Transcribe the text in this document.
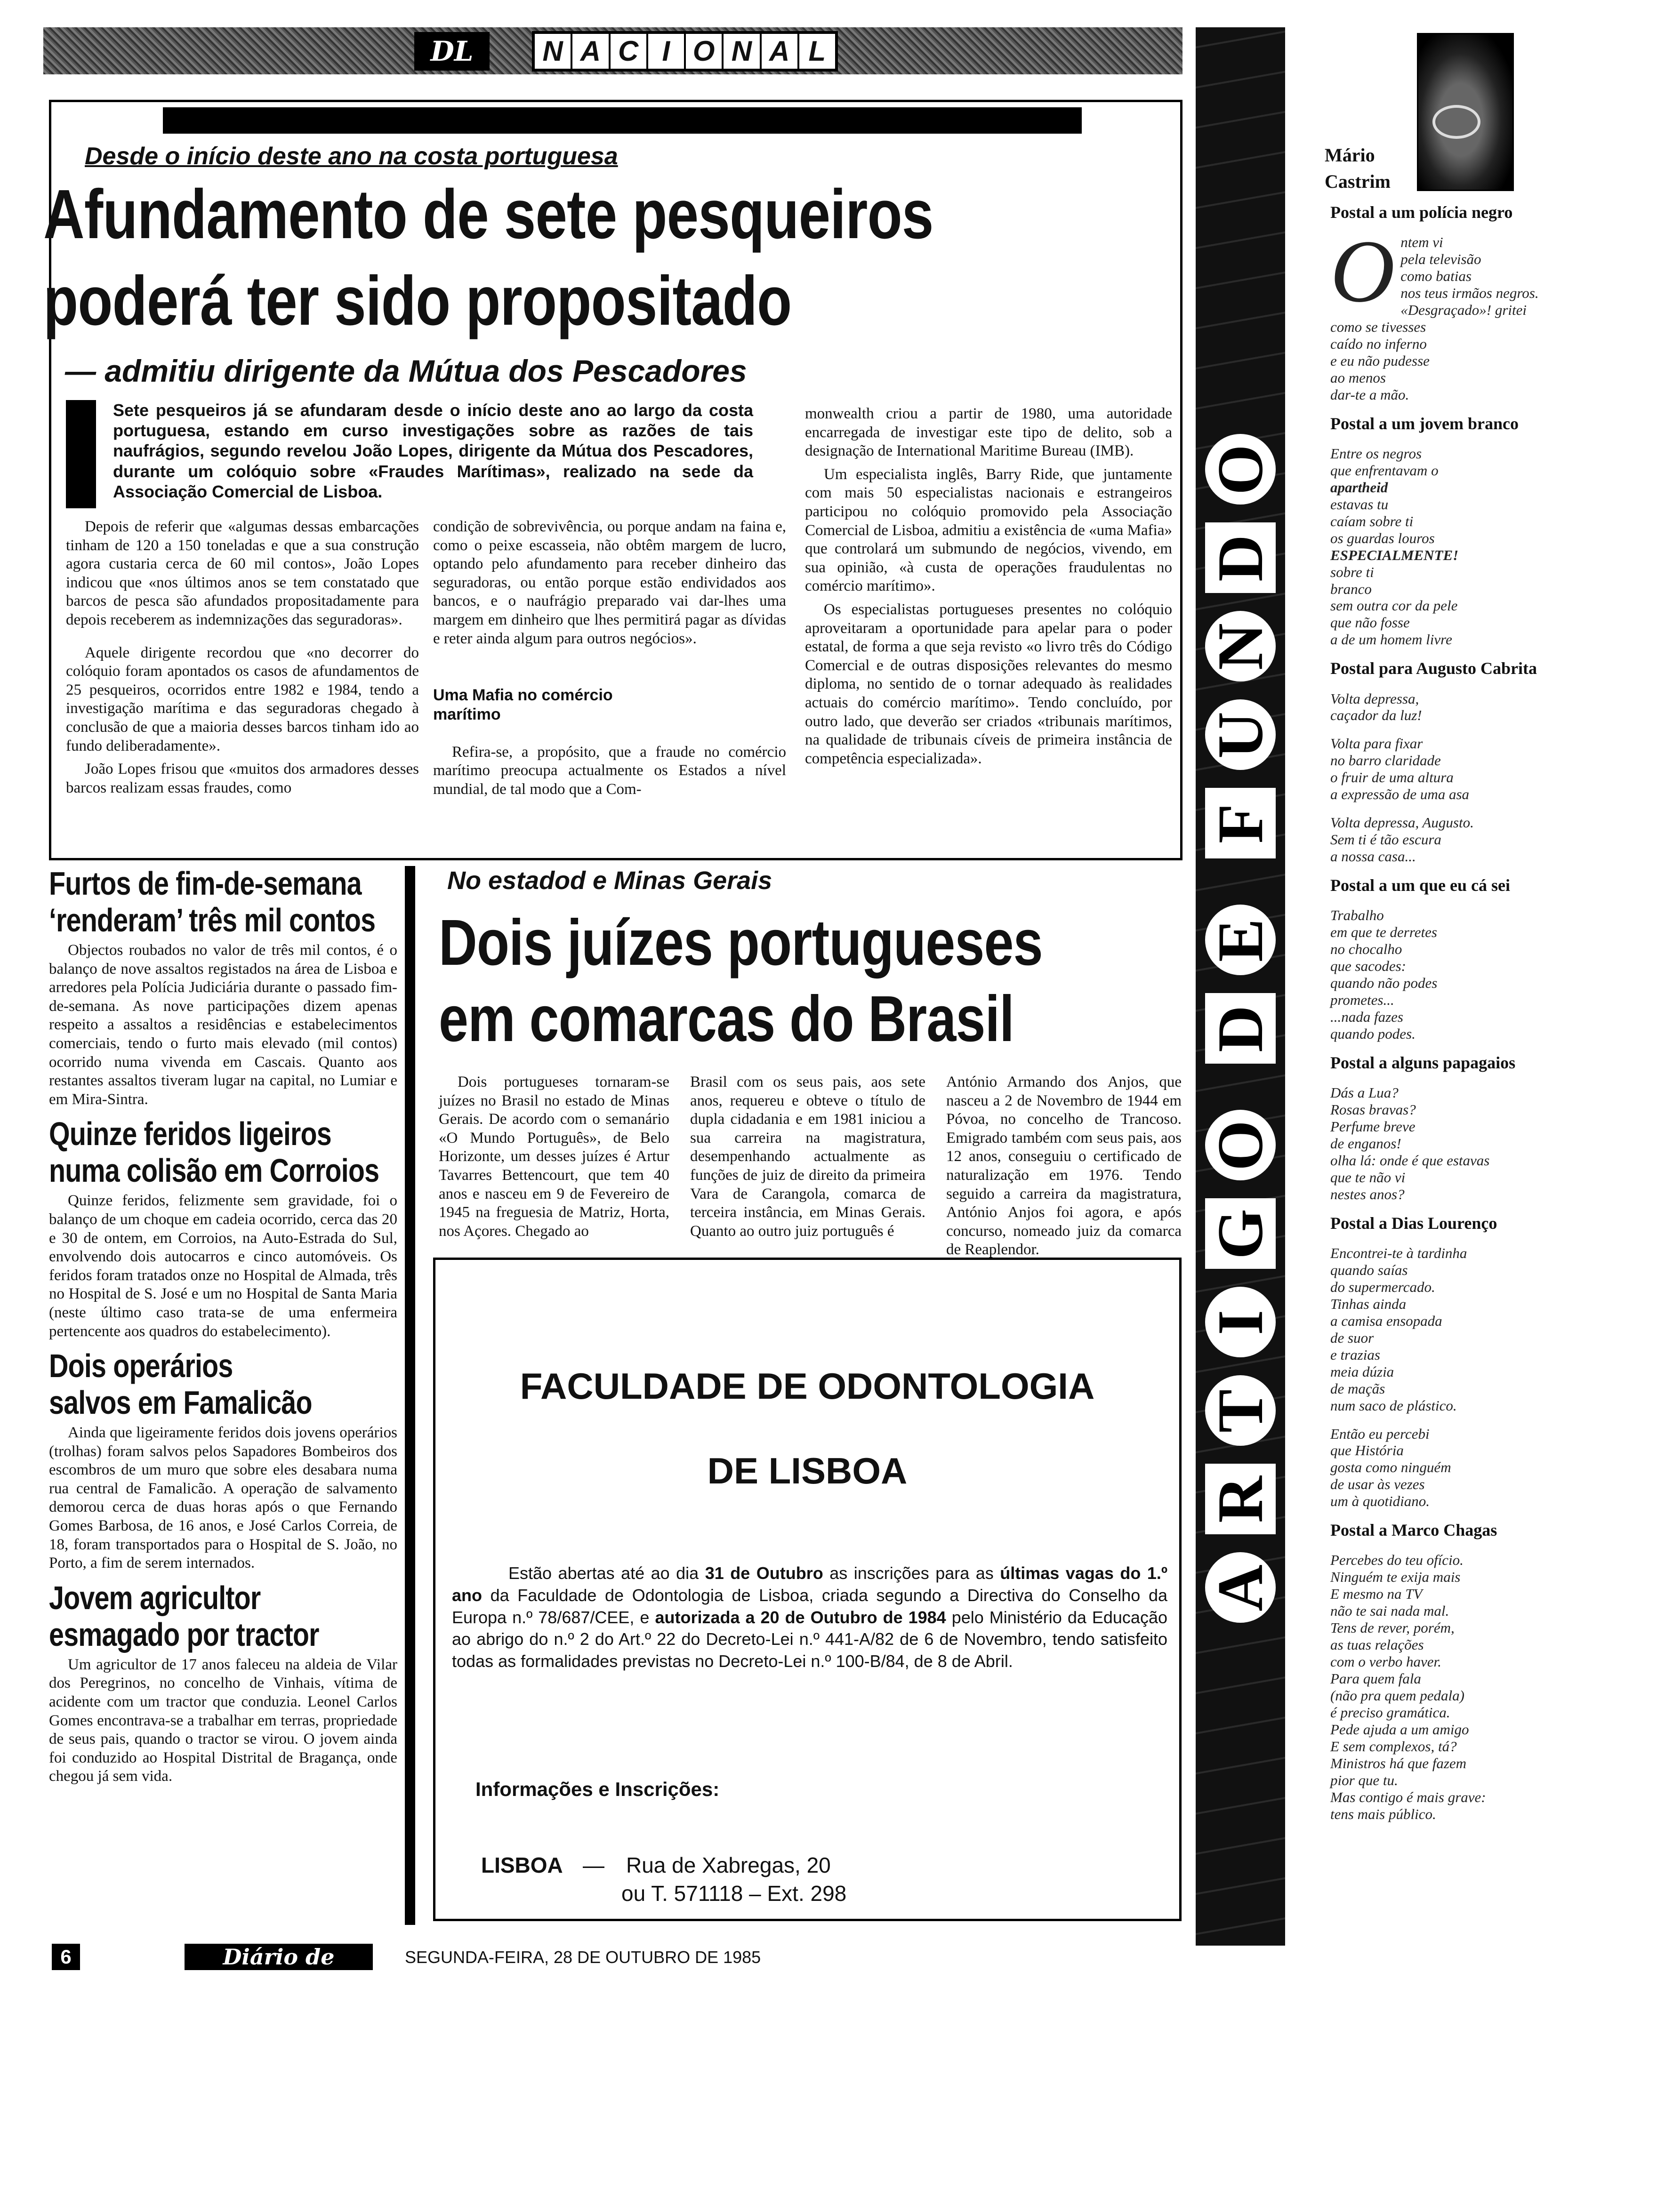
DL	N A C I O N A L
Desde o início deste ano na costa portuguesa
Afundamento de sete pesqueiros
poderá ter sido propositado
— admitiu dirigente da Mútua dos Pescadores
Sete pesqueiros já se afundaram desde o início deste ano ao largo da costa portuguesa, estando em curso investigações sobre as razões de tais naufrágios, segundo revelou João Lopes, dirigente da Mútua dos Pescadores, durante um colóquio sobre «Fraudes Marítimas», realizado na sede da Associação Comercial de Lisboa.

Depois de referir que «algumas dessas embarcações tinham de 120 a 150 toneladas e que a sua construção agora custaria cerca de 60 mil contos», João Lopes indicou que «nos últimos anos se tem constatado que barcos de pesca são afundados propositadamente para depois receberem as indemnizações das seguradoras».

Aquele dirigente recordou que «no decorrer do colóquio foram apontados os casos de afundamentos de 25 pesqueiros, ocorridos entre 1982 e 1984, tendo a investigação marítima e das seguradoras chegado à conclusão de que a maioria desses barcos tinham ido ao fundo deliberadamente».

João Lopes frisou que «muitos dos armadores desses barcos realizam essas fraudes, como

condição de sobrevivência, ou porque andam na faina e, como o peixe escasseia, não obtêm margem de lucro, optando pelo afundamento para receber dinheiro das seguradoras, ou então porque estão endividados aos bancos, e o naufrágio preparado vai dar-lhes uma margem em dinheiro que lhes permitirá pagar as dívidas e reter ainda algum para outros negócios».

Uma Mafia no comércio marítimo

Refira-se, a propósito, que a fraude no comércio marítimo preocupa actualmente os Estados a nível mundial, de tal modo que a Com-

monwealth criou a partir de 1980, uma autoridade encarregada de investigar este tipo de delito, sob a designação de International Maritime Bureau (IMB).

Um especialista inglês, Barry Ride, que juntamente com mais 50 especialistas nacionais e estrangeiros participou no colóquio promovido pela Associação Comercial de Lisboa, admitiu a existência de «uma Mafia» que controlará um submundo de negócios, vivendo, em sua opinião, «à custa de operações fraudulentas no comércio marítimo».

Os especialistas portugueses presentes no colóquio aproveitaram a oportunidade para apelar para o poder estatal, de forma a que seja revisto «o livro três do Código Comercial e de outras disposições relevantes do mesmo diploma, no sentido de o tornar adequado às realidades actuais do comércio marítimo». Tendo concluído, por outro lado, que deverão ser criados «tribunais marítimos, na qualidade de tribunais cíveis de primeira instância de competência especializada».

Furtos de fim-de-semana
‘renderam’ três mil contos

Objectos roubados no valor de três mil contos, é o balanço de nove assaltos registados na área de Lisboa e arredores pela Polícia Judiciária durante o passado fim-de-semana. As nove participações dizem apenas respeito a assaltos a residências e estabelecimentos comerciais, tendo o furto mais elevado (mil contos) ocorrido numa vivenda em Cascais. Quanto aos restantes assaltos tiveram lugar na capital, no Lumiar e em Mira-Sintra.

Quinze feridos ligeiros
numa colisão em Corroios

Quinze feridos, felizmente sem gravidade, foi o balanço de um choque em cadeia ocorrido, cerca das 20 e 30 de ontem, em Corroios, na Auto-Estrada do Sul, envolvendo dois autocarros e cinco automóveis. Os feridos foram tratados onze no Hospital de Almada, três no Hospital de S. José e um no Hospital de Santa Maria (neste último caso trata-se de uma enfermeira pertencente aos quadros do estabelecimento).

Dois operários
salvos em Famalicão

Ainda que ligeiramente feridos dois jovens operários (trolhas) foram salvos pelos Sapadores Bombeiros dos escombros de um muro que sobre eles desabara numa rua central de Famalicão. A operação de salvamento demorou cerca de duas horas após o que Fernando Gomes Barbosa, de 16 anos, e José Carlos Correia, de 18, foram transportados para o Hospital de S. João, no Porto, a fim de serem internados.

Jovem agricultor
esmagado por tractor

Um agricultor de 17 anos faleceu na aldeia de Vilar dos Peregrinos, no concelho de Vinhais, vítima de acidente com um tractor que conduzia. Leonel Carlos Gomes encontrava-se a trabalhar em terras, propriedade de seus pais, quando o tractor se virou. O jovem ainda foi conduzido ao Hospital Distrital de Bragança, onde chegou já sem vida.

No estadod e Minas Gerais
Dois juízes portugueses
em comarcas do Brasil
Dois portugueses tornaram-se juízes no Brasil no estado de Minas Gerais. De acordo com o semanário «O Mundo Português», de Belo Horizonte, um desses juízes é Artur Tavarres Bettencourt, que tem 40 anos e nasceu em 9 de Fevereiro de 1945 na freguesia de Matriz, Horta, nos Açores. Chegado ao
Brasil com os seus pais, aos sete anos, requereu e obteve o título de dupla cidadania e em 1981 iniciou a sua carreira na magistratura, desempenhando actualmente as funções de juiz de direito da primeira Vara de Carangola, comarca de terceira instância, em Minas Gerais. Quanto ao outro juiz português é
António Armando dos Anjos, que nasceu a 2 de Novembro de 1944 em Póvoa, no concelho de Trancoso. Emigrado também com seus pais, aos 12 anos, conseguiu o certificado de naturalização em 1976. Tendo seguido a carreira da magistratura, António Anjos foi agora, e após concurso, nomeado juiz da comarca de Reaplendor.
FACULDADE DE ODONTOLOGIA
DE LISBOA
Estão abertas até ao dia 31 de Outubro as inscrições para as últimas vagas do 1.º ano da Faculdade de Odontologia de Lisboa, criada segundo a Directiva do Conselho da Europa n.º 78/687/CEE, e autorizada a 20 de Outubro de 1984 pelo Ministério da Educação ao abrigo do n.º 2 do Art.º 22 do Decreto-Lei n.º 441-A/82 de 6 de Novembro, tendo satisfeito todas as formalidades previstas no Decreto-Lei n.º 100-B/84, de 8 de Abril.
Informações e Inscrições:
LISBOA — Rua de Xabregas, 20
ou T. 571118 – Ext. 298
A
R
T
I
G
O
D
E
F
U
N
D
O
Mário
Castrim
Postal a um polícia negro
O ntem vi
pela televisão
como batias
nos teus irmãos negros.
«Desgraçado»! gritei
como se tivesses
caído no inferno
e eu não pudesse
ao menos
dar-te a mão.
Postal a um jovem branco
Entre os negros
que enfrentavam o
apartheid
estavas tu
caíam sobre ti
os guardas louros
ESPECIALMENTE!
sobre ti
branco
sem outra cor da pele
que não fosse
a de um homem livre
Postal para Augusto Cabrita
Volta depressa,
caçador da luz!
Volta para fixar
no barro claridade
o fruir de uma altura
a expressão de uma asa
Volta depressa, Augusto.
Sem ti é tão escura
a nossa casa...
Postal a um que eu cá sei
Trabalho
em que te derretes
no chocalho
que sacodes:
quando não podes
prometes...
...nada fazes
quando podes.
Postal a alguns papagaios
Dás a Lua?
Rosas bravas?
Perfume breve
de enganos!
olha lá: onde é que estavas
que te não vi
nestes anos?
Postal a Dias Lourenço
Encontrei-te à tardinha
quando saías
do supermercado.
Tinhas ainda
a camisa ensopada
de suor
e trazias
meia dúzia
de maçãs
num saco de plástico.
Então eu percebi
que História
gosta como ninguém
de usar às vezes
um à quotidiano.
Postal a Marco Chagas
Percebes do teu ofício.
Ninguém te exija mais
E mesmo na TV
não te sai nada mal.
Tens de rever, porém,
as tuas relações
com o verbo haver.
Para quem fala
(não pra quem pedala)
é preciso gramática.
Pede ajuda a um amigo
E sem complexos, tá?
Ministros há que fazem
pior que tu.
Mas contigo é mais grave:
tens mais público.
6	Diário de Lisboa
SEGUNDA-FEIRA, 28 DE OUTUBRO DE 1985
